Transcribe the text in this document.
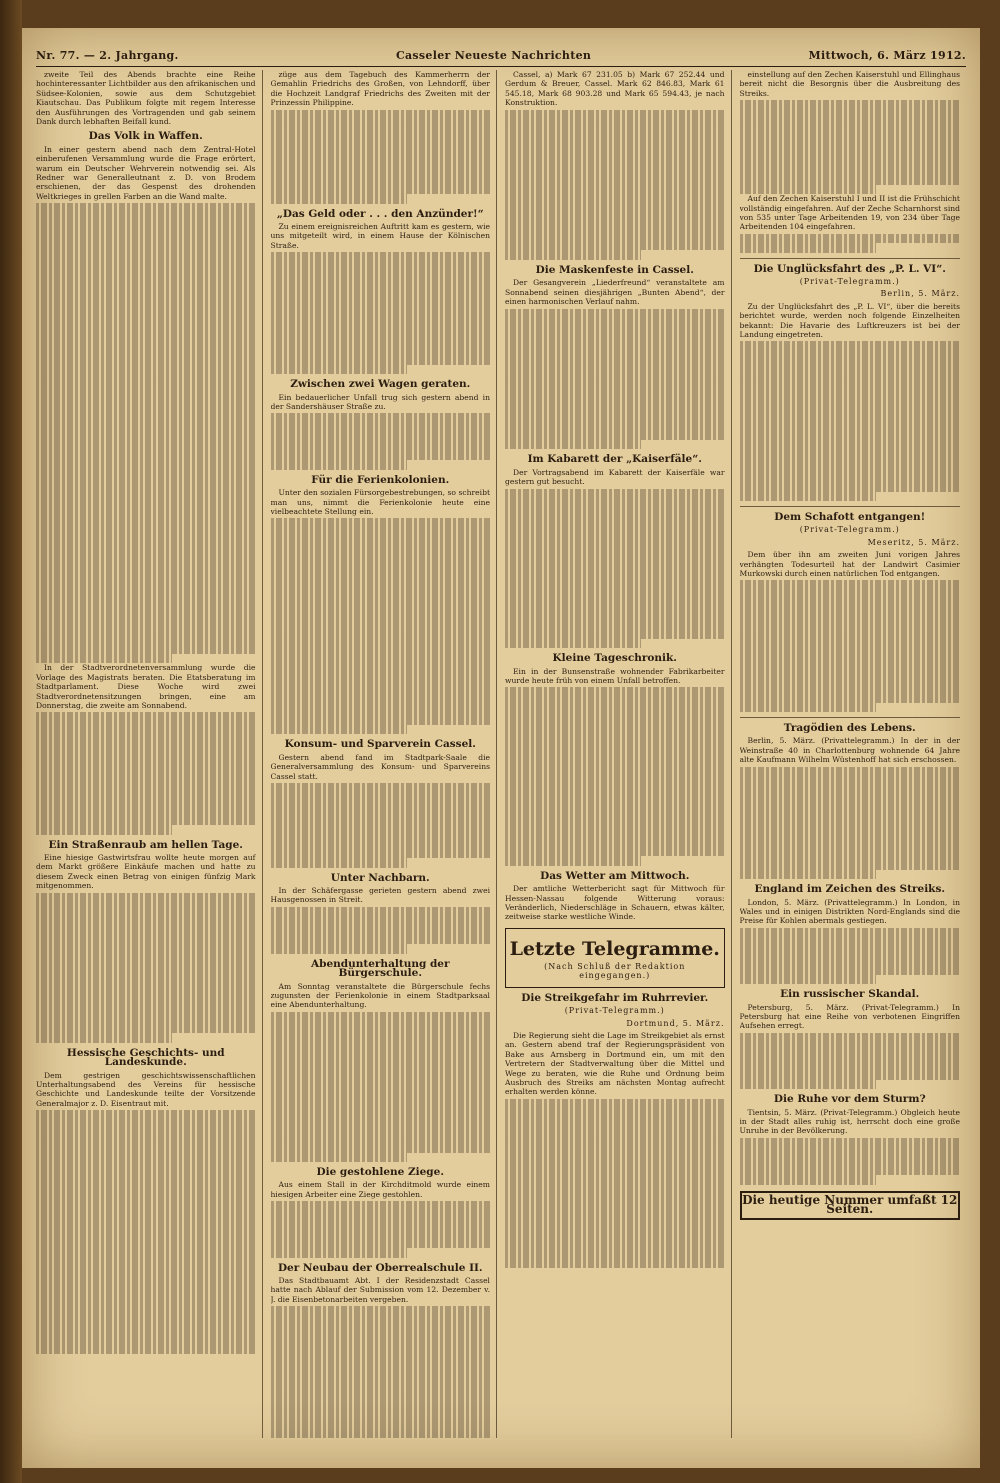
Nr. 77. — 2. Jahrgang.	Casseler Neueste Nachrichten	Mittwoch, 6. März 1912.

zweite Teil des Abends brachte eine Reihe hochinteressanter Lichtbilder aus den afrikanischen und Südsee-Kolonien, sowie aus dem Schutzgebiet Kiautschau. Das Publikum folgte mit regem Interesse den Ausführungen des Vortragenden und gab seinem Dank durch lebhaften Beifall kund.

Das Volk in Waffen.

In einer gestern abend nach dem Zentral-Hotel einberufenen Versammlung wurde die Frage erörtert, warum ein Deutscher Wehrverein notwendig sei. Als Redner war Generalleutnant z. D. von Brodem erschienen, der das Gespenst des drohenden Weltkrieges in grellen Farben an die Wand malte.

In der Stadtverordnetenversammlung wurde die Vorlage des Magistrats beraten. Die Etatsberatung im Stadtparlament. Diese Woche wird zwei Stadtverordnetensitzungen bringen, eine am Donnerstag, die zweite am Sonnabend.

Ein Straßenraub am hellen Tage.

Eine hiesige Gastwirtsfrau wollte heute morgen auf dem Markt größere Einkäufe machen und hatte zu diesem Zweck einen Betrag von einigen fünfzig Mark mitgenommen.

Hessische Geschichts- und Landeskunde.

Dem gestrigen geschichtswissenschaftlichen Unterhaltungsabend des Vereins für hessische Geschichte und Landeskunde teilte der Vorsitzende Generalmajor z. D. Eisentraut mit.

züge aus dem Tagebuch des Kammerherrn der Gemahlin Friedrichs des Großen, von Lehndorff, über die Hochzeit Landgraf Friedrichs des Zweiten mit der Prinzessin Philippine.

„Das Geld oder . . . den Anzünder!“

Zu einem ereignisreichen Auftritt kam es gestern, wie uns mitgeteilt wird, in einem Hause der Kölnischen Straße.

Zwischen zwei Wagen geraten.

Ein bedauerlicher Unfall trug sich gestern abend in der Sandershäuser Straße zu.

Für die Ferienkolonien.

Unter den sozialen Fürsorgebestrebungen, so schreibt man uns, nimmt die Ferienkolonie heute eine vielbeachtete Stellung ein.

Konsum- und Sparverein Cassel.

Gestern abend fand im Stadtpark-Saale die Generalversammlung des Konsum- und Sparvereins Cassel statt.

Unter Nachbarn.

In der Schäfergasse gerieten gestern abend zwei Hausgenossen in Streit.

Abendunterhaltung der Bürgerschule.

Am Sonntag veranstaltete die Bürgerschule fechs zugunsten der Ferienkolonie in einem Stadtparksaal eine Abendunterhaltung.

Die gestohlene Ziege.

Aus einem Stall in der Kirchditmold wurde einem hiesigen Arbeiter eine Ziege gestohlen.

Der Neubau der Oberrealschule II.

Das Stadtbauamt Abt. I der Residenzstadt Cassel hatte nach Ablauf der Submission vom 12. Dezember v. J. die Eisenbetonarbeiten vergeben.

Cassel, a) Mark 67 231.05 b) Mark 67 252.44 und Gerdum & Breuer, Cassel. Mark 62 846.83, Mark 61 545.18, Mark 68 903.28 und Mark 65 594.43, je nach Konstruktion.

Die Maskenfeste in Cassel.

Der Gesangverein „Liederfreund“ veranstaltete am Sonnabend seinen diesjährigen „Bunten Abend“, der einen harmonischen Verlauf nahm.

Im Kabarett der „Kaiserfäle“.

Der Vortragsabend im Kabarett der Kaiserfäle war gestern gut besucht.

Kleine Tageschronik.

Ein in der Bunsenstraße wohnender Fabrikarbeiter wurde heute früh von einem Unfall betroffen.

Das Wetter am Mittwoch.

Der amtliche Wetterbericht sagt für Mittwoch für Hessen-Nassau folgende Witterung voraus: Veränderlich, Niederschläge in Schauern, etwas kälter, zeitweise starke westliche Winde.

Letzte Telegramme.
(Nach Schluß der Redaktion eingegangen.)
Die Streikgefahr im Ruhrrevier.
(Privat-Telegramm.)
Dortmund, 5. März.

Die Regierung sieht die Lage im Streikgebiet als ernst an. Gestern abend traf der Regierungspräsident von Bake aus Arnsberg in Dortmund ein, um mit den Vertretern der Stadtverwaltung über die Mittel und Wege zu beraten, wie die Ruhe und Ordnung beim Ausbruch des Streiks am nächsten Montag aufrecht erhalten werden könne.

einstellung auf den Zechen Kaiserstuhl und Ellinghaus bereit nicht die Besorgnis über die Ausbreitung des Streiks.

Auf den Zechen Kaiserstuhl I und II ist die Frühschicht vollständig eingefahren. Auf der Zeche Scharnhorst sind von 535 unter Tage Arbeitenden 19, von 234 über Tage Arbeitenden 104 eingefahren.

Die Unglücksfahrt des „P. L. VI“.
(Privat-Telegramm.)
Berlin, 5. März.

Zu der Unglücksfahrt des „P. L. VI“, über die bereits berichtet wurde, werden noch folgende Einzelheiten bekannt: Die Havarie des Luftkreuzers ist bei der Landung eingetreten.

Dem Schafott entgangen!
(Privat-Telegramm.)
Meseritz, 5. März.

Dem über ihn am zweiten Juni vorigen Jahres verhängten Todesurteil hat der Landwirt Casimier Murkowski durch einen natürlichen Tod entgangen.

Tragödien des Lebens.

Berlin, 5. März. (Privattelegramm.) In der in der Weinstraße 40 in Charlottenburg wohnende 64 Jahre alte Kaufmann Wilhelm Wüstenhoff hat sich erschossen.

England im Zeichen des Streiks.

London, 5. März. (Privattelegramm.) In London, in Wales und in einigen Distrikten Nord-Englands sind die Preise für Kohlen abermals gestiegen.

Ein russischer Skandal.

Petersburg, 5. März. (Privat-Telegramm.) In Petersburg hat eine Reihe von verbotenen Eingriffen Aufsehen erregt.

Die Ruhe vor dem Sturm?

Tientsin, 5. März. (Privat-Telegramm.) Obgleich heute in der Stadt alles ruhig ist, herrscht doch eine große Unruhe in der Bevölkerung.

Die heutige Nummer umfaßt 12 Seiten.
